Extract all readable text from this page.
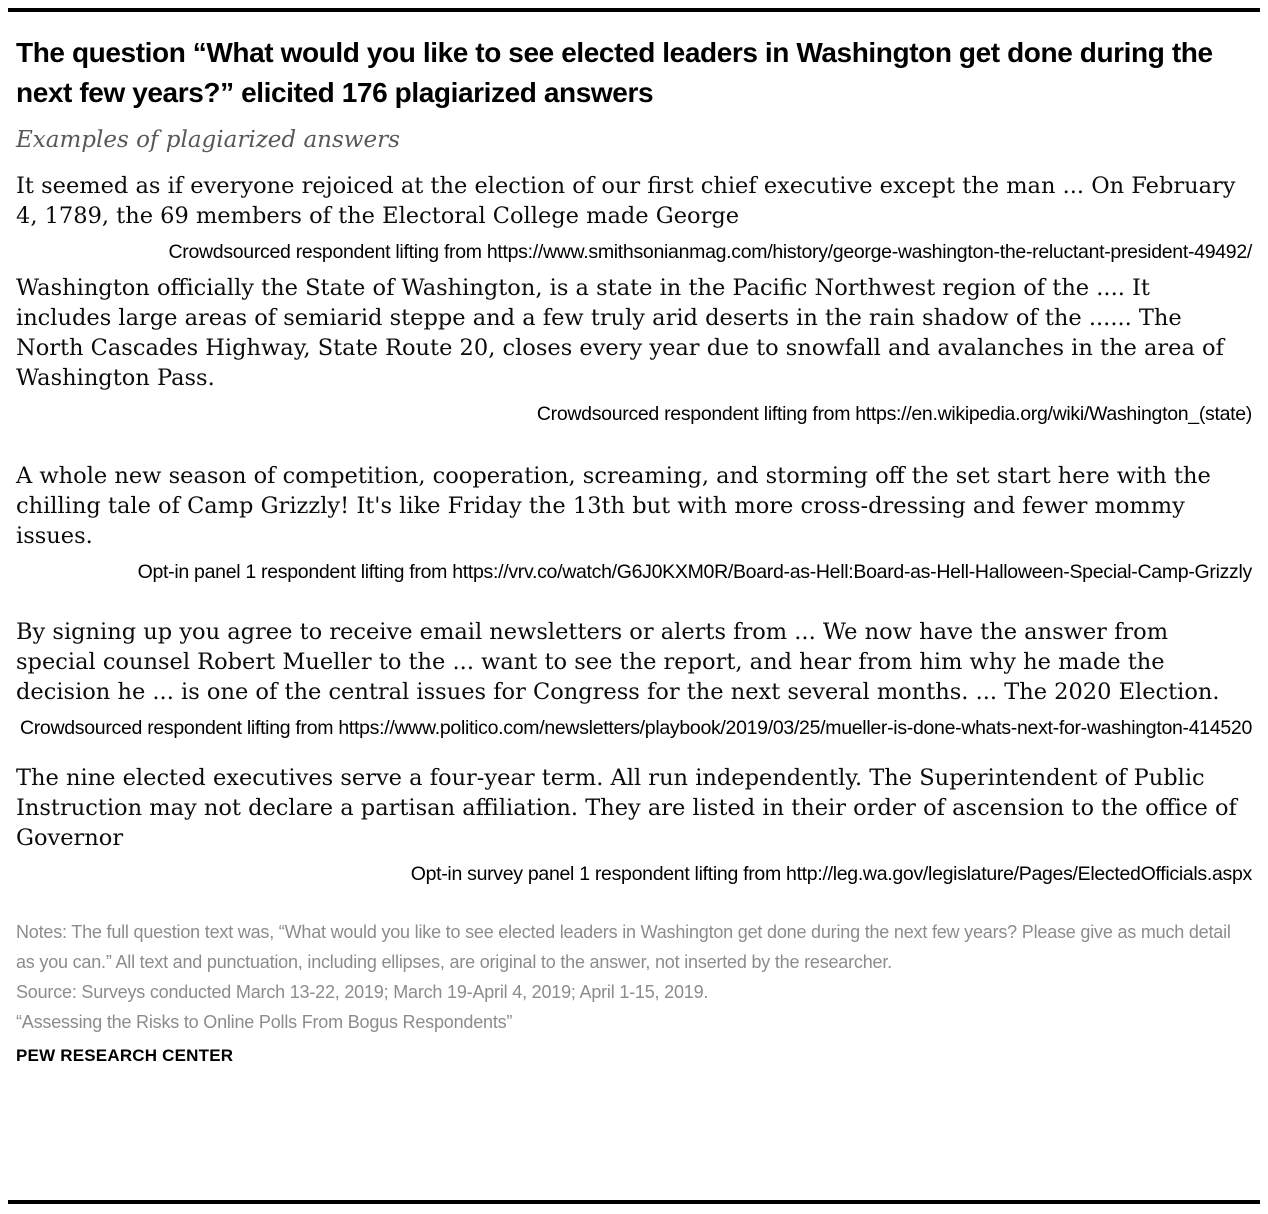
The question “What would you like to see elected leaders in Washington get done during the next few years?” elicited 176 plagiarized answers
Examples of plagiarized answers
It seemed as if everyone rejoiced at the election of our first chief executive except the man ... On February 4, 1789, the 69 members of the Electoral College made George
Crowdsourced respondent lifting from https://www.smithsonianmag.com/history/george-washington-the-reluctant-president-49492/
Washington officially the State of Washington, is a state in the Pacific Northwest region of the .... It includes large areas of semiarid steppe and a few truly arid deserts in the rain shadow of the ...... The North Cascades Highway, State Route 20, closes every year due to snowfall and avalanches in the area of Washington Pass.
Crowdsourced respondent lifting from https://en.wikipedia.org/wiki/Washington_(state)
A whole new season of competition, cooperation, screaming, and storming off the set start here with the chilling tale of Camp Grizzly! It's like Friday the 13th but with more cross-dressing and fewer mommy issues.
Opt-in panel 1 respondent lifting from https://vrv.co/watch/G6J0KXM0R/Board-as-Hell:Board-as-Hell-Halloween-Special-Camp-Grizzly
By signing up you agree to receive email newsletters or alerts from ... We now have the answer from special counsel Robert Mueller to the ... want to see the report, and hear from him why he made the decision he ... is one of the central issues for Congress for the next several months. ... The 2020 Election.
Crowdsourced respondent lifting from https://www.politico.com/newsletters/playbook/2019/03/25/mueller-is-done-whats-next-for-washington-414520
The nine elected executives serve a four-year term. All run independently. The Superintendent of Public Instruction may not declare a partisan affiliation. They are listed in their order of ascension to the office of Governor
Opt-in survey panel 1 respondent lifting from http://leg.wa.gov/legislature/Pages/ElectedOfficials.aspx
Notes: The full question text was, “What would you like to see elected leaders in Washington get done during the next few years? Please give as much detail as you can.” All text and punctuation, including ellipses, are original to the answer, not inserted by the researcher.
Source: Surveys conducted March 13-22, 2019; March 19-April 4, 2019; April 1-15, 2019.
“Assessing the Risks to Online Polls From Bogus Respondents”
PEW RESEARCH CENTER
